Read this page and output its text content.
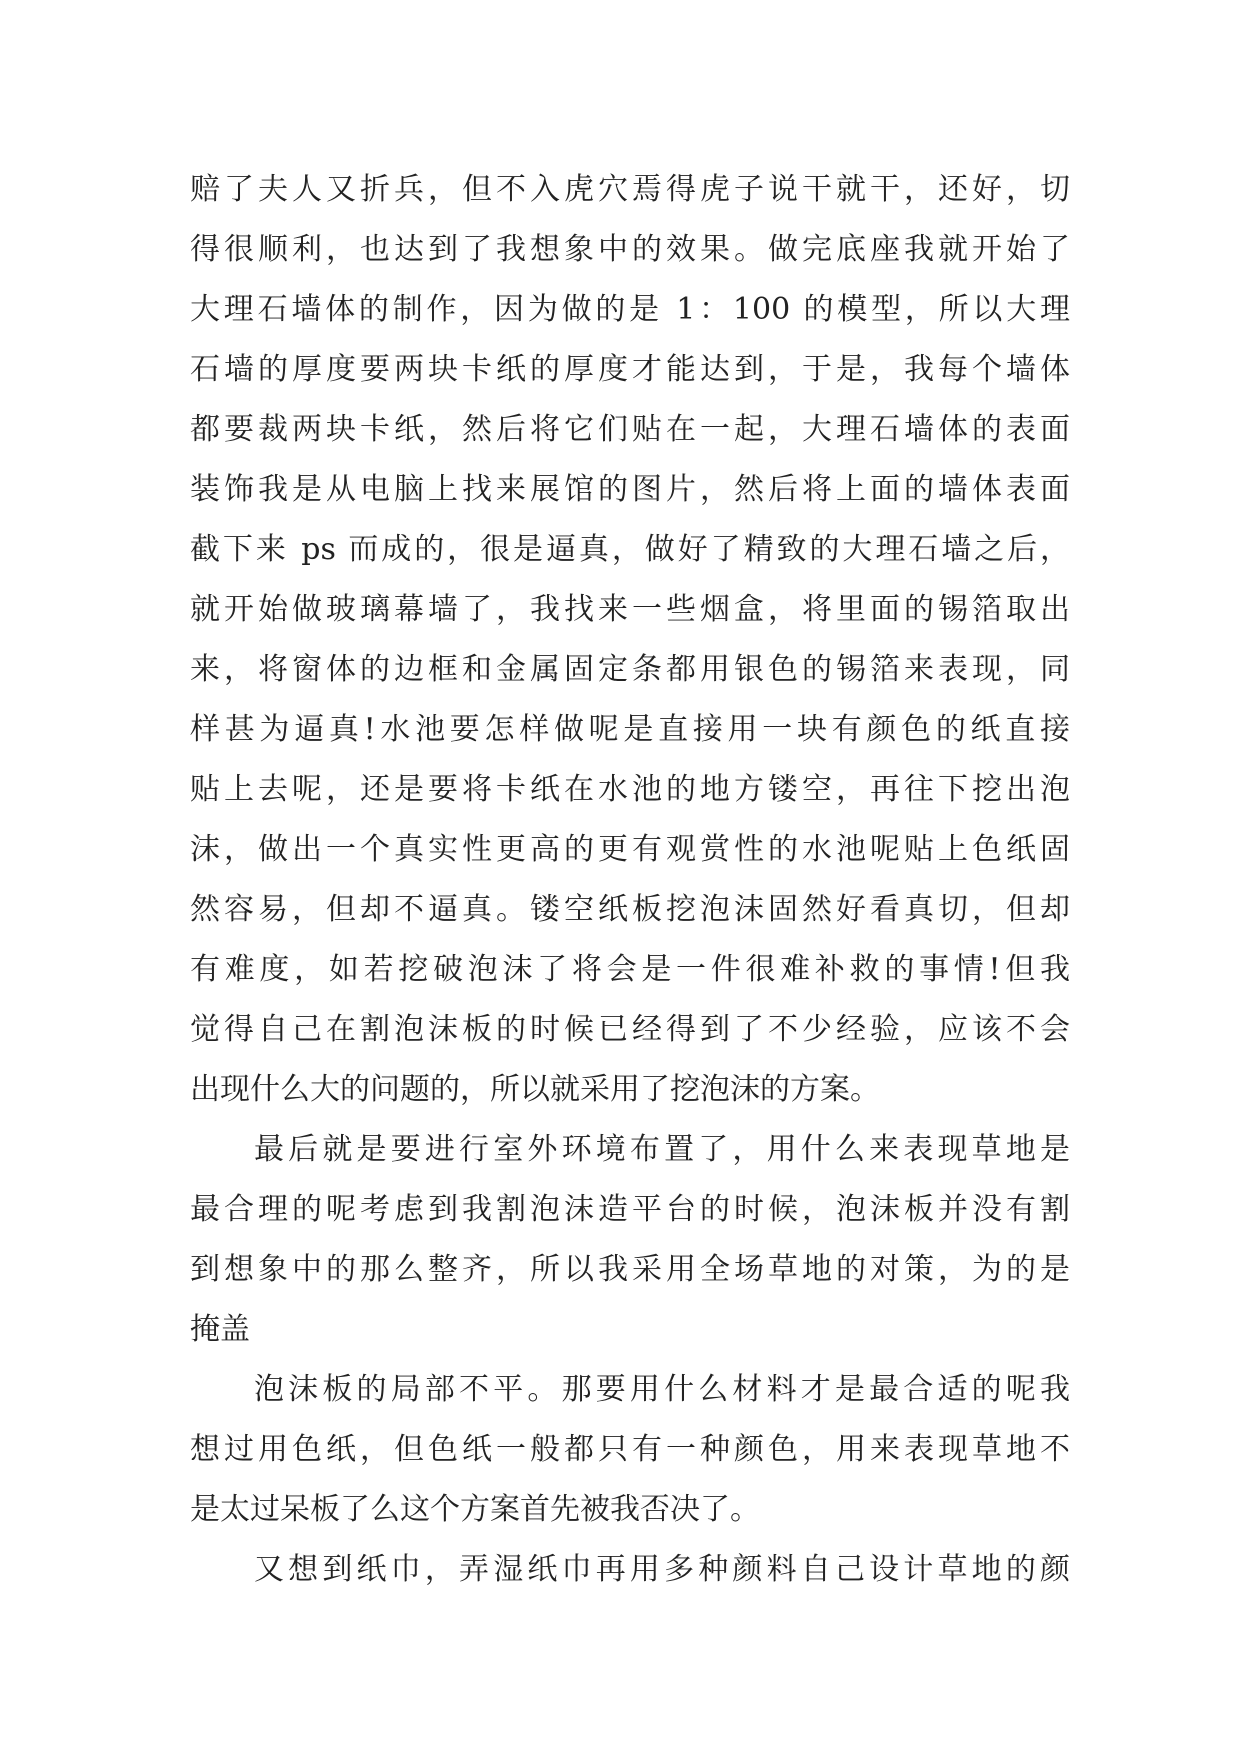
赔了夫人又折兵，但不入虎穴焉得虎子说干就干，还好，切
得很顺利，也达到了我想象中的效果。做完底座我就开始了
大理石墙体的制作，因为做的是 1：100 的模型，所以大理
石墙的厚度要两块卡纸的厚度才能达到，于是，我每个墙体
都要裁两块卡纸，然后将它们贴在一起，大理石墙体的表面
装饰我是从电脑上找来展馆的图片，然后将上面的墙体表面
截下来 ps 而成的，很是逼真，做好了精致的大理石墙之后，
就开始做玻璃幕墙了，我找来一些烟盒，将里面的锡箔取出
来，将窗体的边框和金属固定条都用银色的锡箔来表现，同
样甚为逼真!水池要怎样做呢是直接用一块有颜色的纸直接
贴上去呢，还是要将卡纸在水池的地方镂空，再往下挖出泡
沫，做出一个真实性更高的更有观赏性的水池呢贴上色纸固
然容易，但却不逼真。镂空纸板挖泡沫固然好看真切，但却
有难度，如若挖破泡沫了将会是一件很难补救的事情!但我
觉得自己在割泡沫板的时候已经得到了不少经验，应该不会
出现什么大的问题的，所以就采用了挖泡沫的方案。
最后就是要进行室外环境布置了，用什么来表现草地是
最合理的呢考虑到我割泡沫造平台的时候，泡沫板并没有割
到想象中的那么整齐，所以我采用全场草地的对策，为的是
掩盖
泡沫板的局部不平。那要用什么材料才是最合适的呢我
想过用色纸，但色纸一般都只有一种颜色，用来表现草地不
是太过呆板了么这个方案首先被我否决了。
又想到纸巾，弄湿纸巾再用多种颜料自己设计草地的颜
